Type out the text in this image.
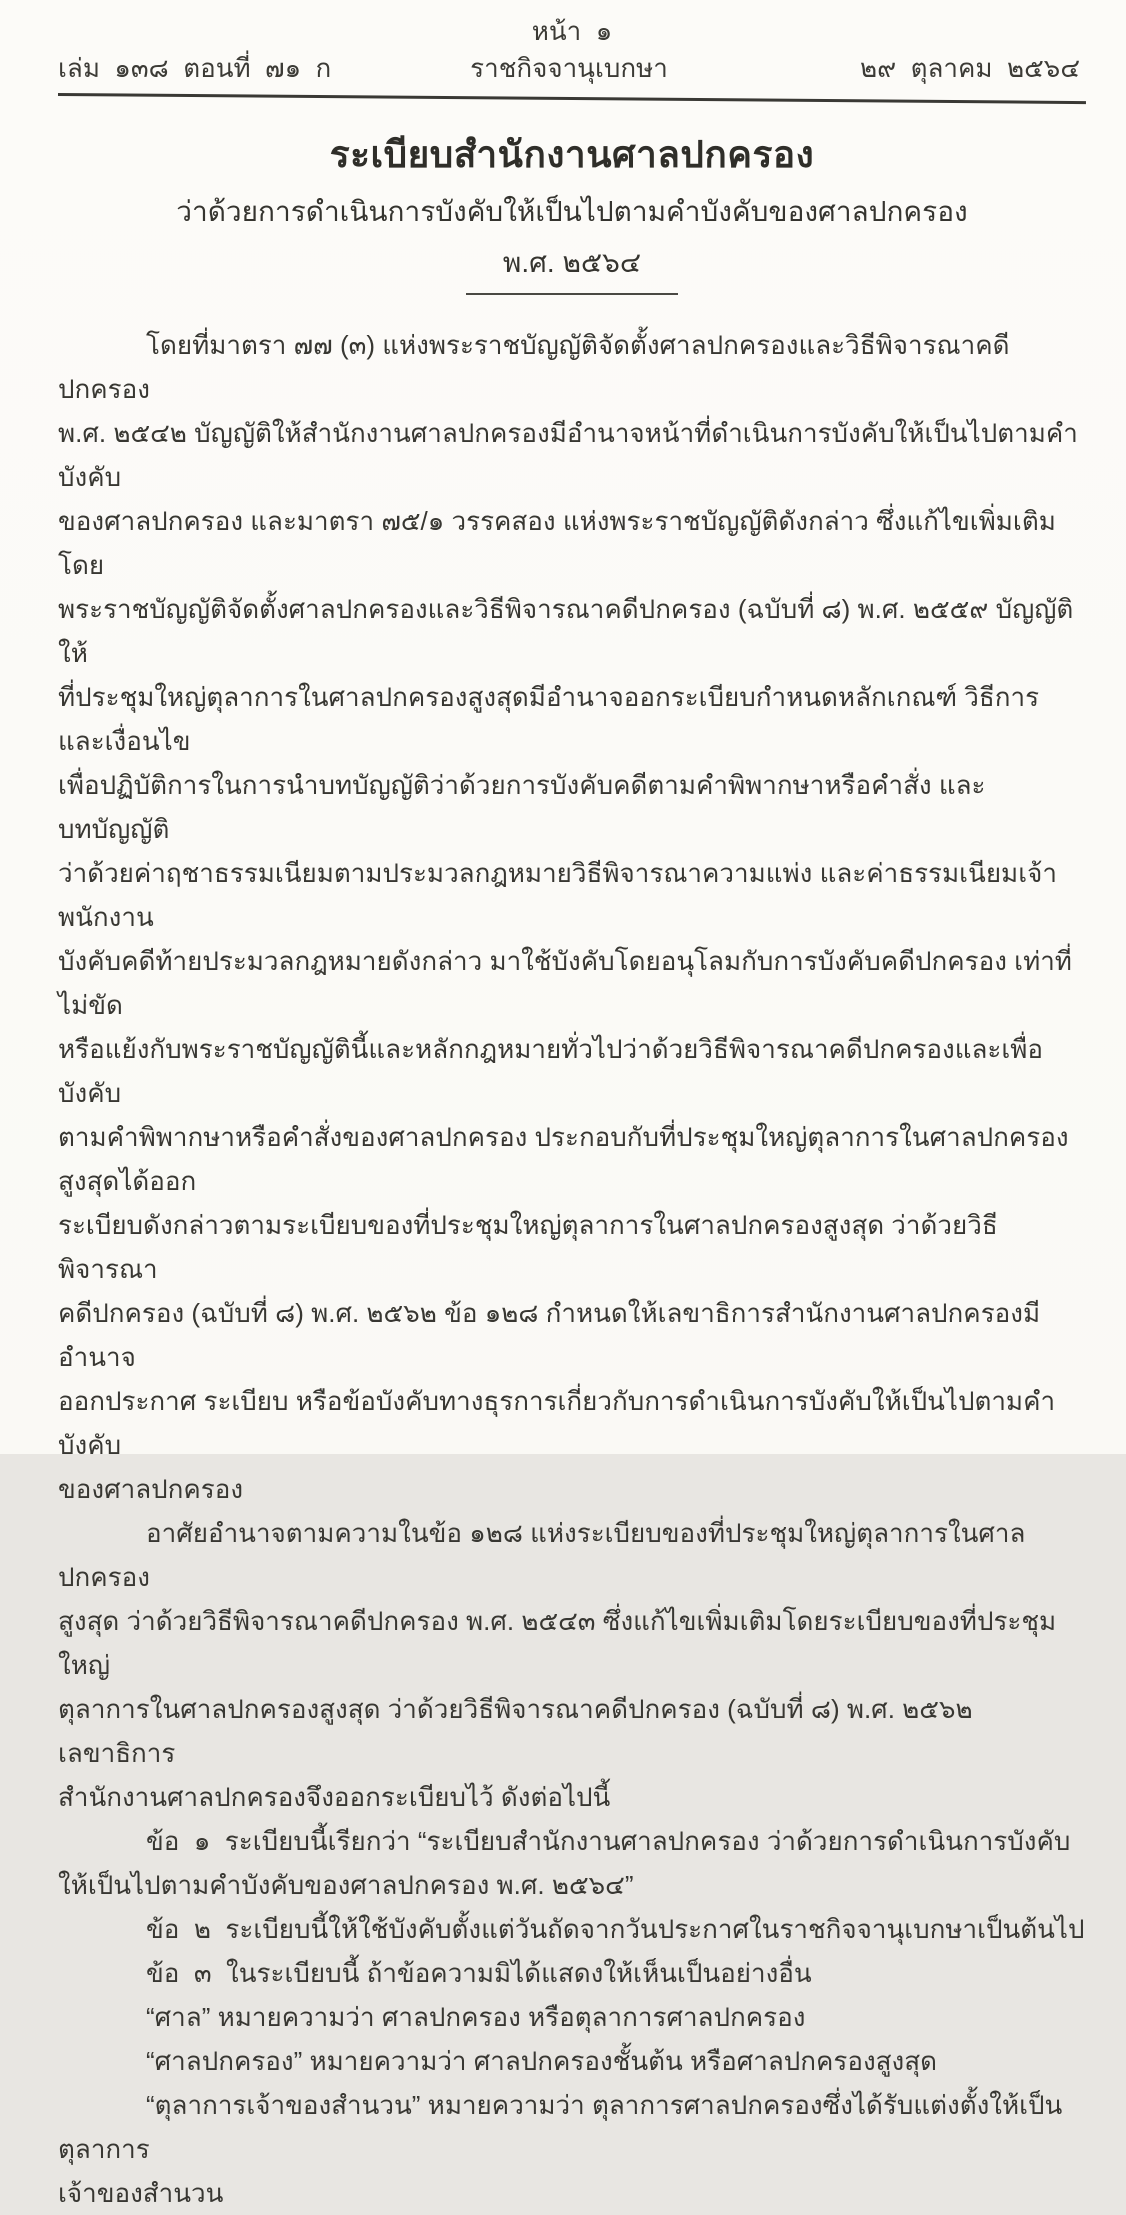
หน้า  ๑
เล่ม  ๑๓๘  ตอนที่  ๗๑  ก	ราชกิจจานุเบกษา	๒๙  ตุลาคม  ๒๕๖๔
ระเบียบสำนักงานศาลปกครอง
ว่าด้วยการดำเนินการบังคับให้เป็นไปตามคำบังคับของศาลปกครอง
พ.ศ. ๒๕๖๔
โดยที่มาตรา ๗๗ (๓) แห่งพระราชบัญญัติจัดตั้งศาลปกครองและวิธีพิจารณาคดีปกครอง
พ.ศ. ๒๕๔๒ บัญญัติให้สำนักงานศาลปกครองมีอำนาจหน้าที่ดำเนินการบังคับให้เป็นไปตามคำบังคับ
ของศาลปกครอง และมาตรา ๗๕/๑ วรรคสอง แห่งพระราชบัญญัติดังกล่าว ซึ่งแก้ไขเพิ่มเติมโดย
พระราชบัญญัติจัดตั้งศาลปกครองและวิธีพิจารณาคดีปกครอง (ฉบับที่ ๘) พ.ศ. ๒๕๕๙ บัญญัติให้
ที่ประชุมใหญ่ตุลาการในศาลปกครองสูงสุดมีอำนาจออกระเบียบกำหนดหลักเกณฑ์ วิธีการ และเงื่อนไข
เพื่อปฏิบัติการในการนำบทบัญญัติว่าด้วยการบังคับคดีตามคำพิพากษาหรือคำสั่ง และบทบัญญัติ
ว่าด้วยค่าฤชาธรรมเนียมตามประมวลกฎหมายวิธีพิจารณาความแพ่ง และค่าธรรมเนียมเจ้าพนักงาน
บังคับคดีท้ายประมวลกฎหมายดังกล่าว มาใช้บังคับโดยอนุโลมกับการบังคับคดีปกครอง เท่าที่ไม่ขัด
หรือแย้งกับพระราชบัญญัตินี้และหลักกฎหมายทั่วไปว่าด้วยวิธีพิจารณาคดีปกครองและเพื่อบังคับ
ตามคำพิพากษาหรือคำสั่งของศาลปกครอง ประกอบกับที่ประชุมใหญ่ตุลาการในศาลปกครองสูงสุดได้ออก
ระเบียบดังกล่าวตามระเบียบของที่ประชุมใหญ่ตุลาการในศาลปกครองสูงสุด ว่าด้วยวิธีพิจารณา
คดีปกครอง (ฉบับที่ ๘) พ.ศ. ๒๕๖๒ ข้อ ๑๒๘ กำหนดให้เลขาธิการสำนักงานศาลปกครองมีอำนาจ
ออกประกาศ ระเบียบ หรือข้อบังคับทางธุรการเกี่ยวกับการดำเนินการบังคับให้เป็นไปตามคำบังคับ
ของศาลปกครอง
อาศัยอำนาจตามความในข้อ ๑๒๘ แห่งระเบียบของที่ประชุมใหญ่ตุลาการในศาลปกครอง
สูงสุด ว่าด้วยวิธีพิจารณาคดีปกครอง พ.ศ. ๒๕๔๓ ซึ่งแก้ไขเพิ่มเติมโดยระเบียบของที่ประชุมใหญ่
ตุลาการในศาลปกครองสูงสุด ว่าด้วยวิธีพิจารณาคดีปกครอง (ฉบับที่ ๘) พ.ศ. ๒๕๖๒ เลขาธิการ
สำนักงานศาลปกครองจึงออกระเบียบไว้ ดังต่อไปนี้
ข้อ  ๑  ระเบียบนี้เรียกว่า “ระเบียบสำนักงานศาลปกครอง ว่าด้วยการดำเนินการบังคับ
ให้เป็นไปตามคำบังคับของศาลปกครอง พ.ศ. ๒๕๖๔”
ข้อ  ๒  ระเบียบนี้ให้ใช้บังคับตั้งแต่วันถัดจากวันประกาศในราชกิจจานุเบกษาเป็นต้นไป
ข้อ  ๓  ในระเบียบนี้ ถ้าข้อความมิได้แสดงให้เห็นเป็นอย่างอื่น
“ศาล” หมายความว่า ศาลปกครอง หรือตุลาการศาลปกครอง
“ศาลปกครอง” หมายความว่า ศาลปกครองชั้นต้น หรือศาลปกครองสูงสุด
“ตุลาการเจ้าของสำนวน” หมายความว่า ตุลาการศาลปกครองซึ่งได้รับแต่งตั้งให้เป็นตุลาการ
เจ้าของสำนวน
